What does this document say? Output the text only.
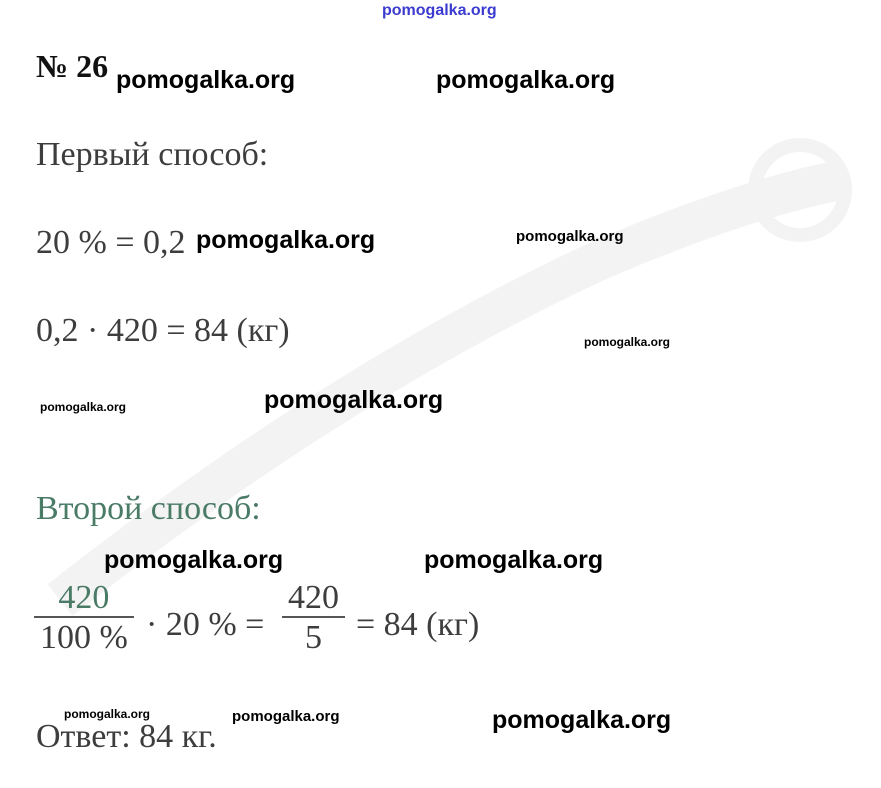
pomogalka.org
№ 26 pomogalka.org	pomogalka.org
Первый способ:
20 % = 0,2 pomogalka.org	pomogalka.org
0,2 · 420 = 84 (кг)	pomogalka.org
pomogalka.org	pomogalka.org
Второй способ:
pomogalka.org	pomogalka.org
420
100 % · 20 % =
420
5 = 84 (кг)
pomogalka.org	pomogalka.org	pomogalka.org
Ответ: 84 кг.
